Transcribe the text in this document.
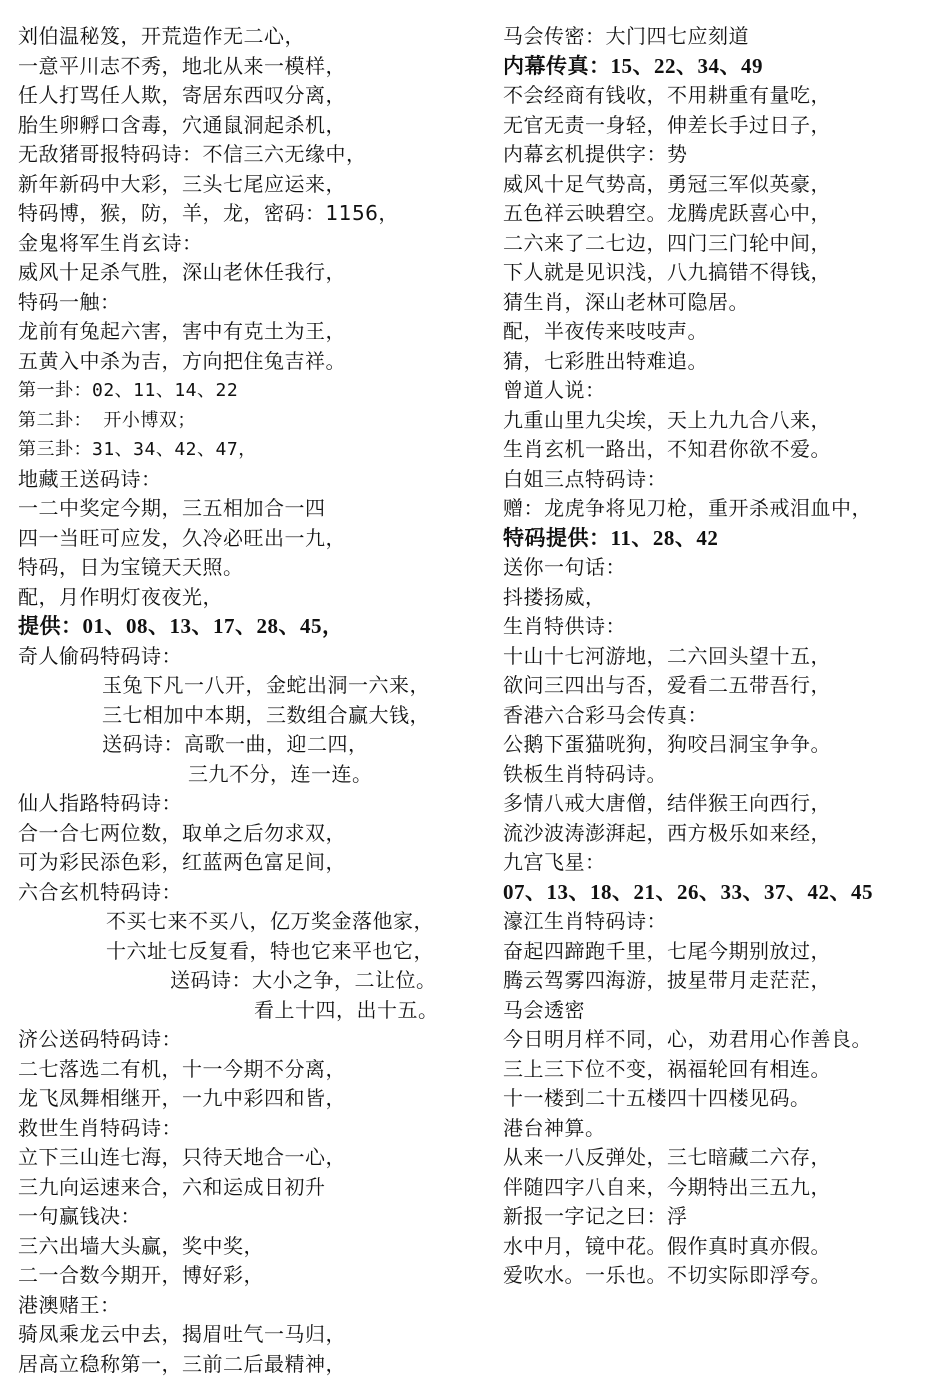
刘伯温秘笈，开荒造作无二心，
一意平川志不秀，地北从来一模样，
任人打骂任人欺，寄居东西叹分离，
胎生卵孵口含毒，穴通鼠洞起杀机，
无敌猪哥报特码诗：不信三六无缘中，
新年新码中大彩，三头七尾应运来，
特码博，猴，防，羊，龙，密码：1156，
金鬼将军生肖玄诗：
威风十足杀气胜，深山老休任我行，
特码一触：
龙前有兔起六害，害中有克土为王，
五黄入中杀为吉，方向把住兔吉祥。
第一卦：02、11、14、22
第二卦： 开小博双；
第三卦：31、34、42、47，
地藏王送码诗：
一二中奖定今期，三五相加合一四
四一当旺可应发，久冷必旺出一九，
特码，日为宝镜天天照。
配，月作明灯夜夜光，
提供：01、08、13、17、28、45，
奇人偷码特码诗：
玉兔下凡一八开，金蛇出洞一六来，
三七相加中本期，三数组合赢大钱，
送码诗：高歌一曲，迎二四，
三九不分，连一连。
仙人指路特码诗：
合一合七两位数，取单之后勿求双，
可为彩民添色彩，红蓝两色富足间，
六合玄机特码诗：
不买七来不买八，亿万奖金落他家，
十六址七反复看，特也它来平也它，
送码诗：大小之争，二让位。
看上十四，出十五。
济公送码特码诗：
二七落选二有机，十一今期不分离，
龙飞凤舞相继开，一九中彩四和皆，
救世生肖特码诗：
立下三山连七海，只待天地合一心，
三九向运速来合，六和运成日初升
一句赢钱决：
三六出墙大头赢，奖中奖，
二一合数今期开，博好彩，
港澳赌王：
骑凤乘龙云中去，揭眉吐气一马归，
居高立稳称第一，三前二后最精神，
马会传密：大门四七应刻道
内幕传真：15、22、34、49
不会经商有钱收，不用耕重有量吃，
无官无责一身轻，伸差长手过日子，
内幕玄机提供字：势
威风十足气势高，勇冠三军似英豪，
五色祥云映碧空。龙腾虎跃喜心中，
二六来了二七边，四门三门轮中间，
下人就是见识浅，八九搞错不得钱，
猜生肖，深山老林可隐居。
配，半夜传来吱吱声。
猜，七彩胜出特难追。
曾道人说：
九重山里九尖埃，天上九九合八来，
生肖玄机一路出，不知君你欲不爱。
白姐三点特码诗：
赠：龙虎争将见刀枪，重开杀戒泪血中，
特码提供：11、28、42
送你一句话：
抖搂扬威，
生肖特供诗：
十山十七河游地，二六回头望十五，
欲问三四出与否，爱看二五带吾行，
香港六合彩马会传真：
公鹅下蛋猫咣狗，狗咬吕洞宝争争。
铁板生肖特码诗。
多情八戒大唐僧，结伴猴王向西行，
流沙波涛澎湃起，西方极乐如来经，
九宫飞星：
07、13、18、21、26、33、37、42、45
濠江生肖特码诗：
奋起四蹄跑千里，七尾今期别放过，
腾云驾雾四海游，披星带月走茫茫，
马会透密
今日明月样不同，心，劝君用心作善良。
三上三下位不变，祸福轮回有相连。
十一楼到二十五楼四十四楼见码。
港台神算。
从来一八反弹处，三七暗藏二六存，
伴随四字八自来，今期特出三五九，
新报一字记之曰：浮
水中月，镜中花。假作真时真亦假。
爱吹水。一乐也。不切实际即浮夸。
